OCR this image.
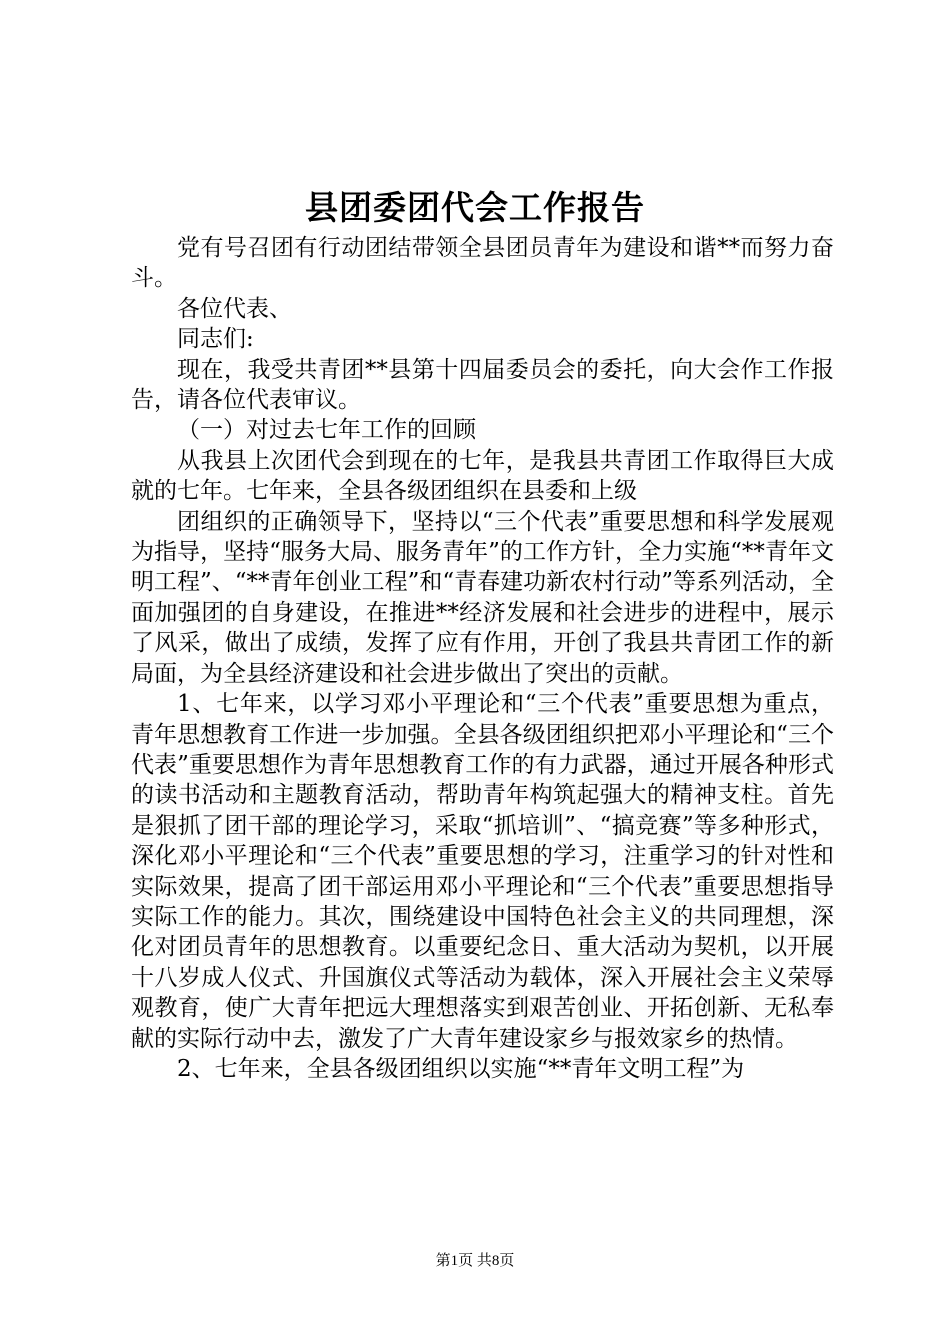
县团委团代会工作报告

党有号召团有行动团结带领全县团员青年为建设和谐**而努力奋斗。

各位代表、

同志们:

现在，我受共青团**县第十四届委员会的委托，向大会作工作报告，请各位代表审议。

（一）对过去七年工作的回顾

从我县上次团代会到现在的七年，是我县共青团工作取得巨大成就的七年。七年来，全县各级团组织在县委和上级

团组织的正确领导下，坚持以“三个代表”重要思想和科学发展观为指导，坚持“服务大局、服务青年”的工作方针，全力实施“**青年文明工程”、“**青年创业工程”和“青春建功新农村行动”等系列活动，全面加强团的自身建设，在推进**经济发展和社会进步的进程中，展示了风采，做出了成绩，发挥了应有作用，开创了我县共青团工作的新局面，为全县经济建设和社会进步做出了突出的贡献。

1、七年来，以学习邓小平理论和“三个代表”重要思想为重点，青年思想教育工作进一步加强。全县各级团组织把邓小平理论和“三个代表”重要思想作为青年思想教育工作的有力武器，通过开展各种形式的读书活动和主题教育活动，帮助青年构筑起强大的精神支柱。首先是狠抓了团干部的理论学习，采取“抓培训”、“搞竞赛”等多种形式，深化邓小平理论和“三个代表”重要思想的学习，注重学习的针对性和实际效果，提高了团干部运用邓小平理论和“三个代表”重要思想指导实际工作的能力。其次，围绕建设中国特色社会主义的共同理想，深化对团员青年的思想教育。以重要纪念日、重大活动为契机，以开展十八岁成人仪式、升国旗仪式等活动为载体，深入开展社会主义荣辱观教育，使广大青年把远大理想落实到艰苦创业、开拓创新、无私奉献的实际行动中去，激发了广大青年建设家乡与报效家乡的热情。

2、七年来，全县各级团组织以实施“**青年文明工程”为

第1页 共8页
